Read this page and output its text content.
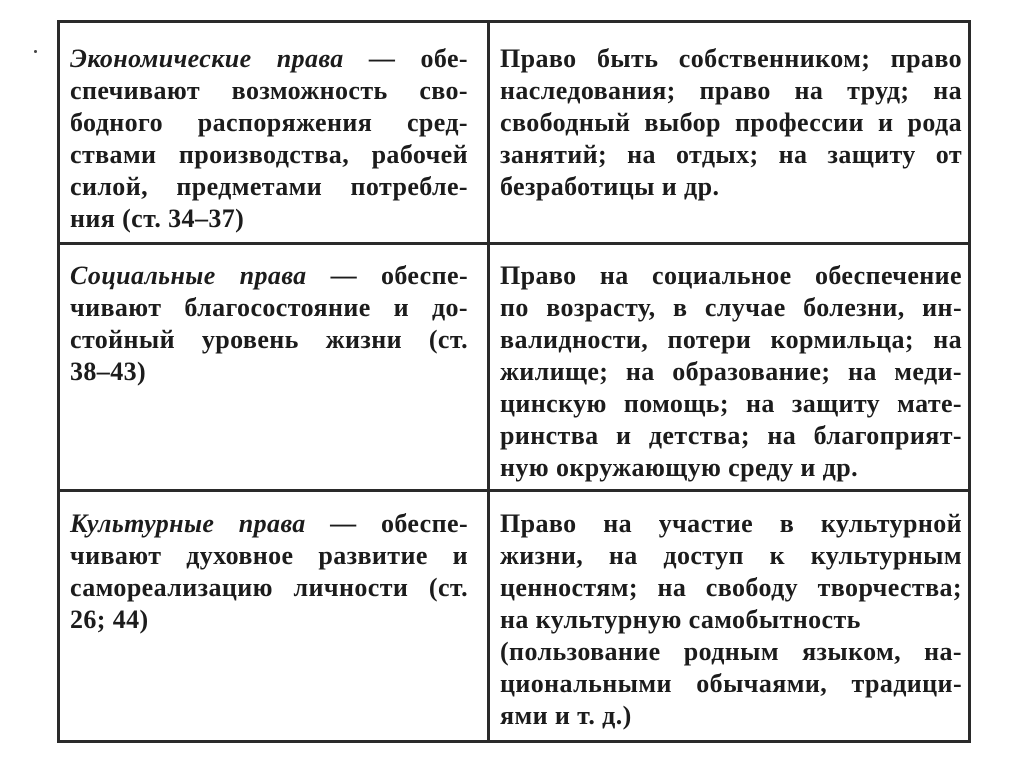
Экономические права — обе-
спечивают возможность сво-
бодного распоряжения сред-
ствами производства, рабочей
силой, предметами потребле-
ния (ст. 34–37)
Право быть собственником; право
наследования; право на труд; на
свободный выбор профессии и рода
занятий; на отдых; на защиту от
безработицы и др.
Социальные права — обеспе-
чивают благосостояние и до-
стойный уровень жизни (ст.
38–43)
Право на социальное обеспечение
по возрасту, в случае болезни, ин-
валидности, потери кормильца; на
жилище; на образование; на меди-
цинскую помощь; на защиту мате-
ринства и детства; на благоприят-
ную окружающую среду и др.
Культурные права — обеспе-
чивают духовное развитие и
самореализацию личности (ст.
26; 44)
Право на участие в культурной
жизни, на доступ к культурным
ценностям; на свободу творчества;
на культурную самобытность
(пользование родным языком, на-
циональными обычаями, традици-
ями и т. д.)
